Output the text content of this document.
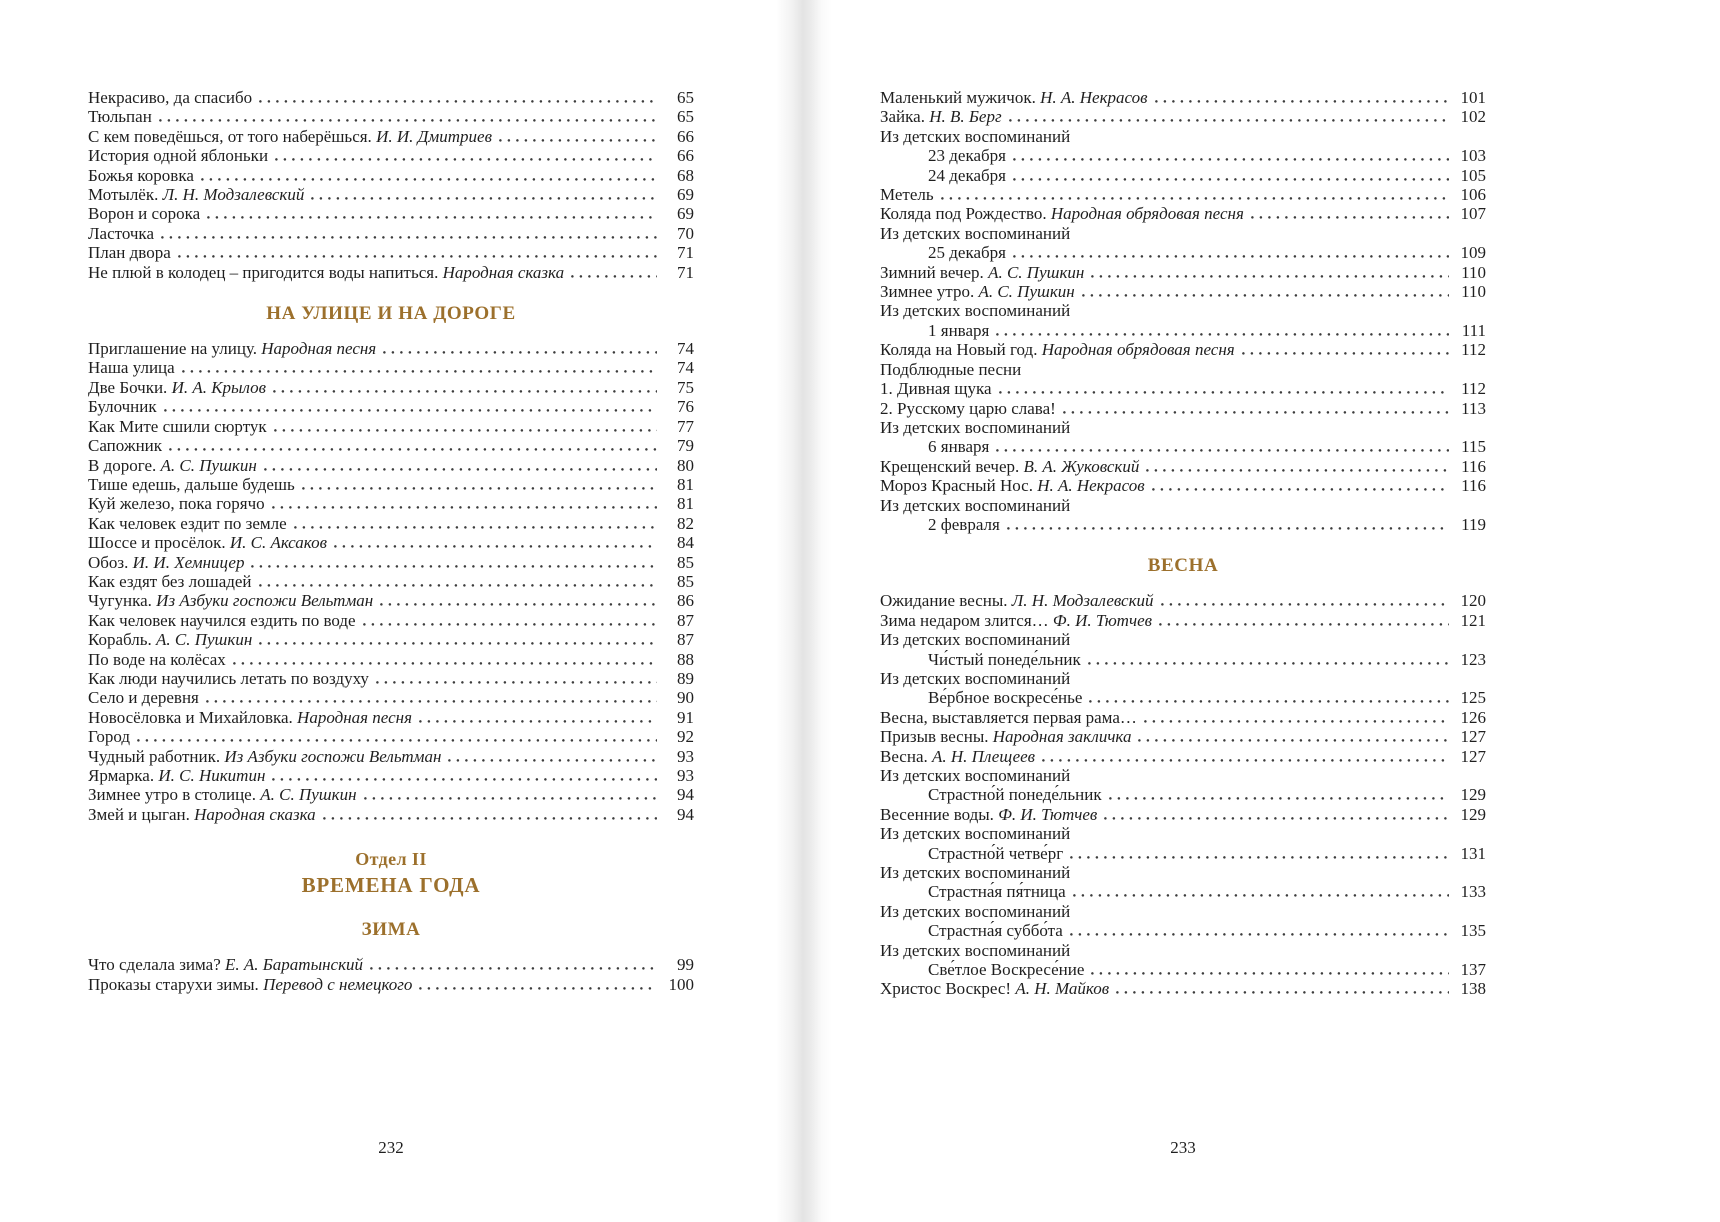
Некрасиво, да спасибо	65
Тюльпан	65
С кем поведёшься, от того наберёшься. И. И. Дмитриев	66
История одной яблоньки	66
Божья коровка	68
Мотылёк. Л. Н. Модзалевский	69
Ворон и сорока	69
Ласточка	70
План двора	71
Не плюй в колодец – пригодится воды напиться. Народная сказка	71
НА УЛИЦЕ И НА ДОРОГЕ
Приглашение на улицу. Народная песня	74
Наша улица	74
Две Бочки. И. А. Крылов	75
Булочник	76
Как Мите сшили сюртук	77
Сапожник	79
В дороге. А. С. Пушкин	80
Тише едешь, дальше будешь	81
Куй железо, пока горячо	81
Как человек ездит по земле	82
Шоссе и просёлок. И. С. Аксаков	84
Обоз. И. И. Хемницер	85
Как ездят без лошадей	85
Чугунка. Из Азбуки госпожи Вельтман	86
Как человек научился ездить по воде	87
Корабль. А. С. Пушкин	87
По воде на колёсах	88
Как люди научились летать по воздуху	89
Село и деревня	90
Новосёловка и Михайловка. Народная песня	91
Город	92
Чудный работник. Из Азбуки госпожи Вельтман	93
Ярмарка. И. С. Никитин	93
Зимнее утро в столице. А. С. Пушкин	94
Змей и цыган. Народная сказка	94
Отдел II
ВРЕМЕНА ГОДА
ЗИМА
Что сделала зима? Е. А. Баратынский	99
Проказы старухи зимы. Перевод с немецкого	100
Маленький мужичок. Н. А. Некрасов	101
Зайка. Н. В. Берг	102
Из детских воспоминаний
23 декабря	103
24 декабря	105
Метель	106
Коляда под Рождество. Народная обрядовая песня	107
Из детских воспоминаний
25 декабря	109
Зимний вечер. А. С. Пушкин	110
Зимнее утро. А. С. Пушкин	110
Из детских воспоминаний
1 января	111
Коляда на Новый год. Народная обрядовая песня	112
Подблюдные песни
1. Дивная щука	112
2. Русскому царю слава!	113
Из детских воспоминаний
6 января	115
Крещенский вечер. В. А. Жуковский	116
Мороз Красный Нос. Н. А. Некрасов	116
Из детских воспоминаний
2 февраля	119
ВЕСНА
Ожидание весны. Л. Н. Модзалевский	120
Зима недаром злится… Ф. И. Тютчев	121
Из детских воспоминаний
Чи́стый понеде́льник	123
Из детских воспоминаний
Ве́рбное воскресе́нье	125
Весна, выставляется первая рама…	126
Призыв весны. Народная закличка	127
Весна. А. Н. Плещеев	127
Из детских воспоминаний
Страстно́й понеде́льник	129
Весенние воды. Ф. И. Тютчев	129
Из детских воспоминаний
Страстно́й четве́рг	131
Из детских воспоминаний
Страстна́я пя́тница	133
Из детских воспоминаний
Страстна́я суббо́та	135
Из детских воспоминаний
Све́тлое Воскресе́ние	137
Христос Воскрес! А. Н. Майков	138
232	233
